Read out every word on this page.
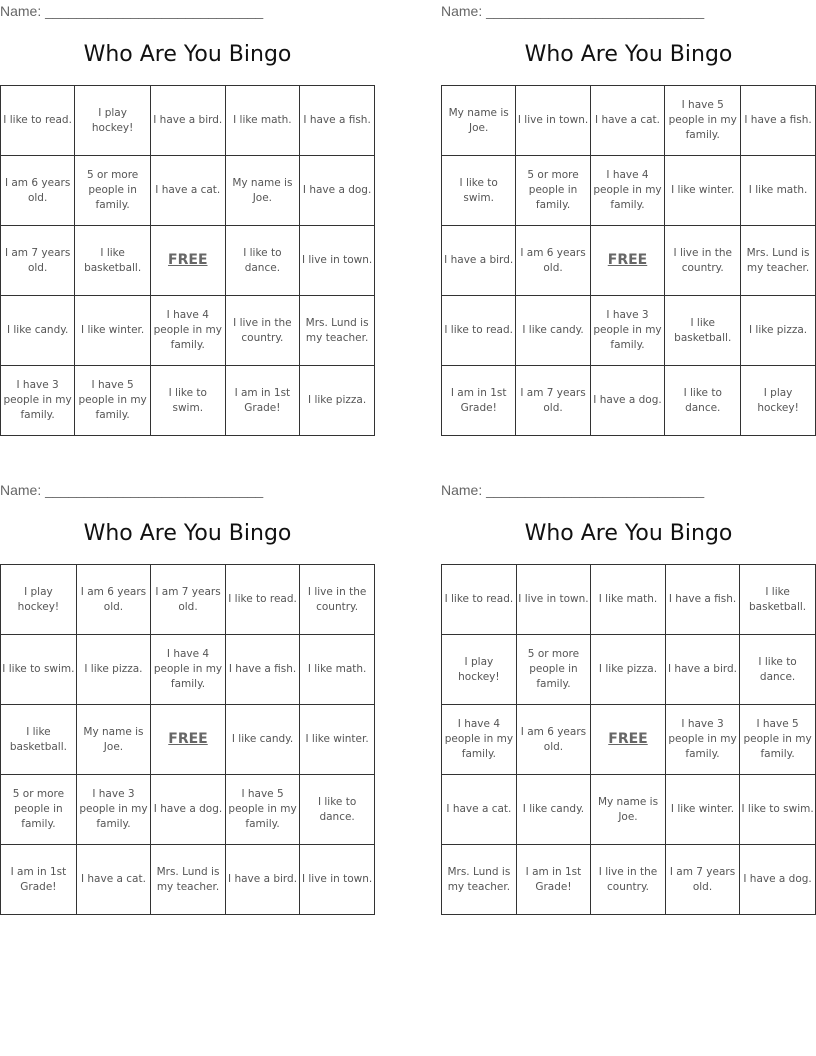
Name: ____________________________
Who Are You Bingo
I like to read.	I play hockey!	I have a bird.	I like math.	I have a fish.
I am 6 years old.	5 or more people in family.	I have a cat.	My name is Joe.	I have a dog.
I am 7 years old.	I like basketball.	FREE	I like to dance.	I live in town.
I like candy.	I like winter.	I have 4 people in my family.	I live in the country.	Mrs. Lund is my teacher.
I have 3 people in my family.	I have 5 people in my family.	I like to swim.	I am in 1st Grade!	I like pizza.
Name: ____________________________
Who Are You Bingo
My name is Joe.	I live in town.	I have a cat.	I have 5 people in my family.	I have a fish.
I like to swim.	5 or more people in family.	I have 4 people in my family.	I like winter.	I like math.
I have a bird.	I am 6 years old.	FREE	I live in the country.	Mrs. Lund is my teacher.
I like to read.	I like candy.	I have 3 people in my family.	I like basketball.	I like pizza.
I am in 1st Grade!	I am 7 years old.	I have a dog.	I like to dance.	I play hockey!
Name: ____________________________
Who Are You Bingo
I play hockey!	I am 6 years old.	I am 7 years old.	I like to read.	I live in the country.
I like to swim.	I like pizza.	I have 4 people in my family.	I have a fish.	I like math.
I like basketball.	My name is Joe.	FREE	I like candy.	I like winter.
5 or more people in family.	I have 3 people in my family.	I have a dog.	I have 5 people in my family.	I like to dance.
I am in 1st Grade!	I have a cat.	Mrs. Lund is my teacher.	I have a bird.	I live in town.
Name: ____________________________
Who Are You Bingo
I like to read.	I live in town.	I like math.	I have a fish.	I like basketball.
I play hockey!	5 or more people in family.	I like pizza.	I have a bird.	I like to dance.
I have 4 people in my family.	I am 6 years old.	FREE	I have 3 people in my family.	I have 5 people in my family.
I have a cat.	I like candy.	My name is Joe.	I like winter.	I like to swim.
Mrs. Lund is my teacher.	I am in 1st Grade!	I live in the country.	I am 7 years old.	I have a dog.
